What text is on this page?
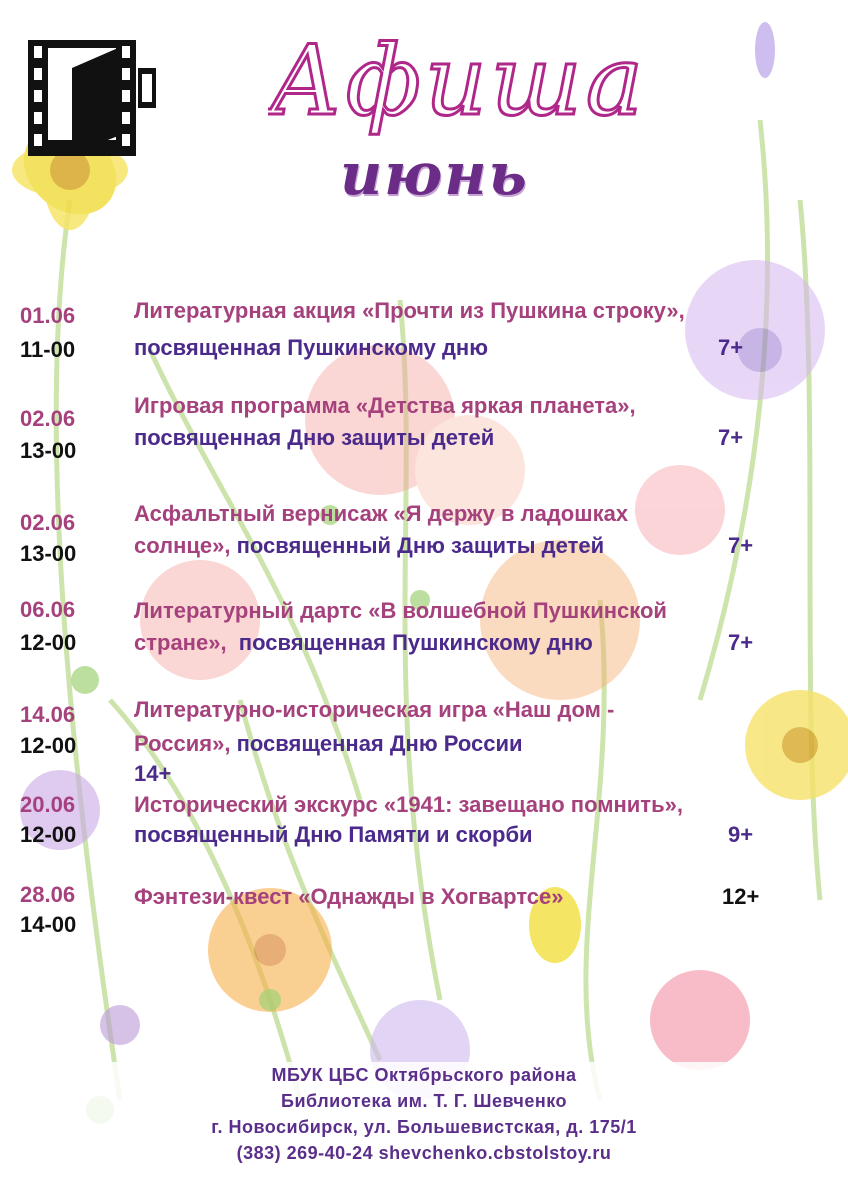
Афиша
июнь
01.06
11-00
Литературная акция «Прочти из Пушкина строку»,
посвященная Пушкинскому дню	7+
02.06
13-00
Игровая программа «Детства яркая планета»,
посвященная Дню защиты детей	7+
02.06
13-00
Асфальтный вернисаж «Я держу в ладошках
солнце», посвященный Дню защиты детей	7+
06.06
12-00
Литературный дартс «В волшебной Пушкинской
стране»,  посвященная Пушкинскому дню	7+
14.06
12-00
Литературно-историческая игра «Наш дом -
Россия», посвященная Дню России
14+
20.06
12-00
Исторический экскурс «1941: завещано помнить»,
посвященный Дню Памяти и скорби	9+
28.06
14-00
Фэнтези-квест «Однажды в Хогвартсе»	12+
МБУК ЦБС Октябрьского района
Библиотека им. Т. Г. Шевченко
г. Новосибирск, ул. Большевистская, д. 175/1
(383) 269-40-24 shevchenko.cbstolstoy.ru
